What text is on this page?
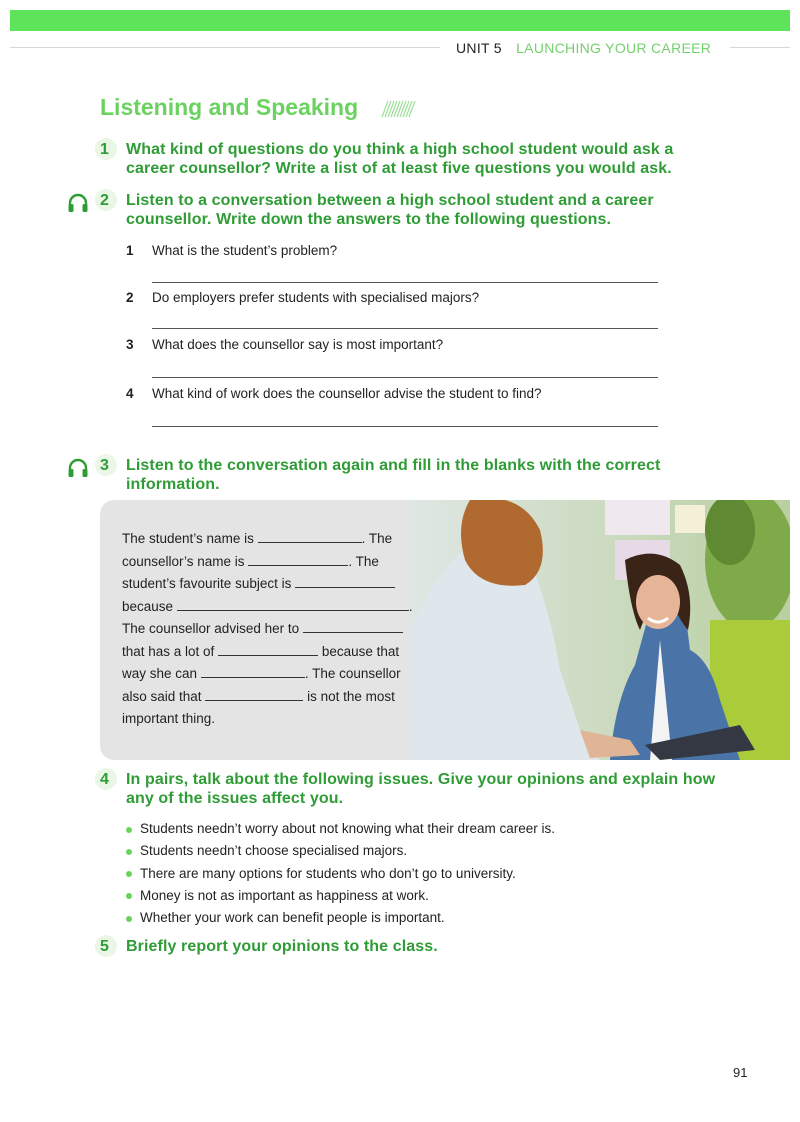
UNIT 5 LAUNCHING YOUR CAREER
Listening and Speaking
1	What kind of questions do you think a high school student would ask a career counsellor? Write a list of at least five questions you would ask.
2	Listen to a conversation between a high school student and a career counsellor. Write down the answers to the following questions.
1 What is the student’s problem?
2 Do employers prefer students with specialised majors?
3 What does the counsellor say is most important?
4 What kind of work does the counsellor advise the student to find?
3	Listen to the conversation again and fill in the blanks with the correct information.
The student’s name is	. The
counsellor’s name is	. The
student’s favourite subject is
because	.
The counsellor advised her to
that has a lot of	because that
way she can	. The counsellor
also said that	is not the most
important thing.
4	In pairs, talk about the following issues. Give your opinions and explain how any of the issues affect you.
Students needn’t worry about not knowing what their dream career is.
Students needn’t choose specialised majors.
There are many options for students who don’t go to university.
Money is not as important as happiness at work.
Whether your work can benefit people is important.
5	Briefly report your opinions to the class.
91
